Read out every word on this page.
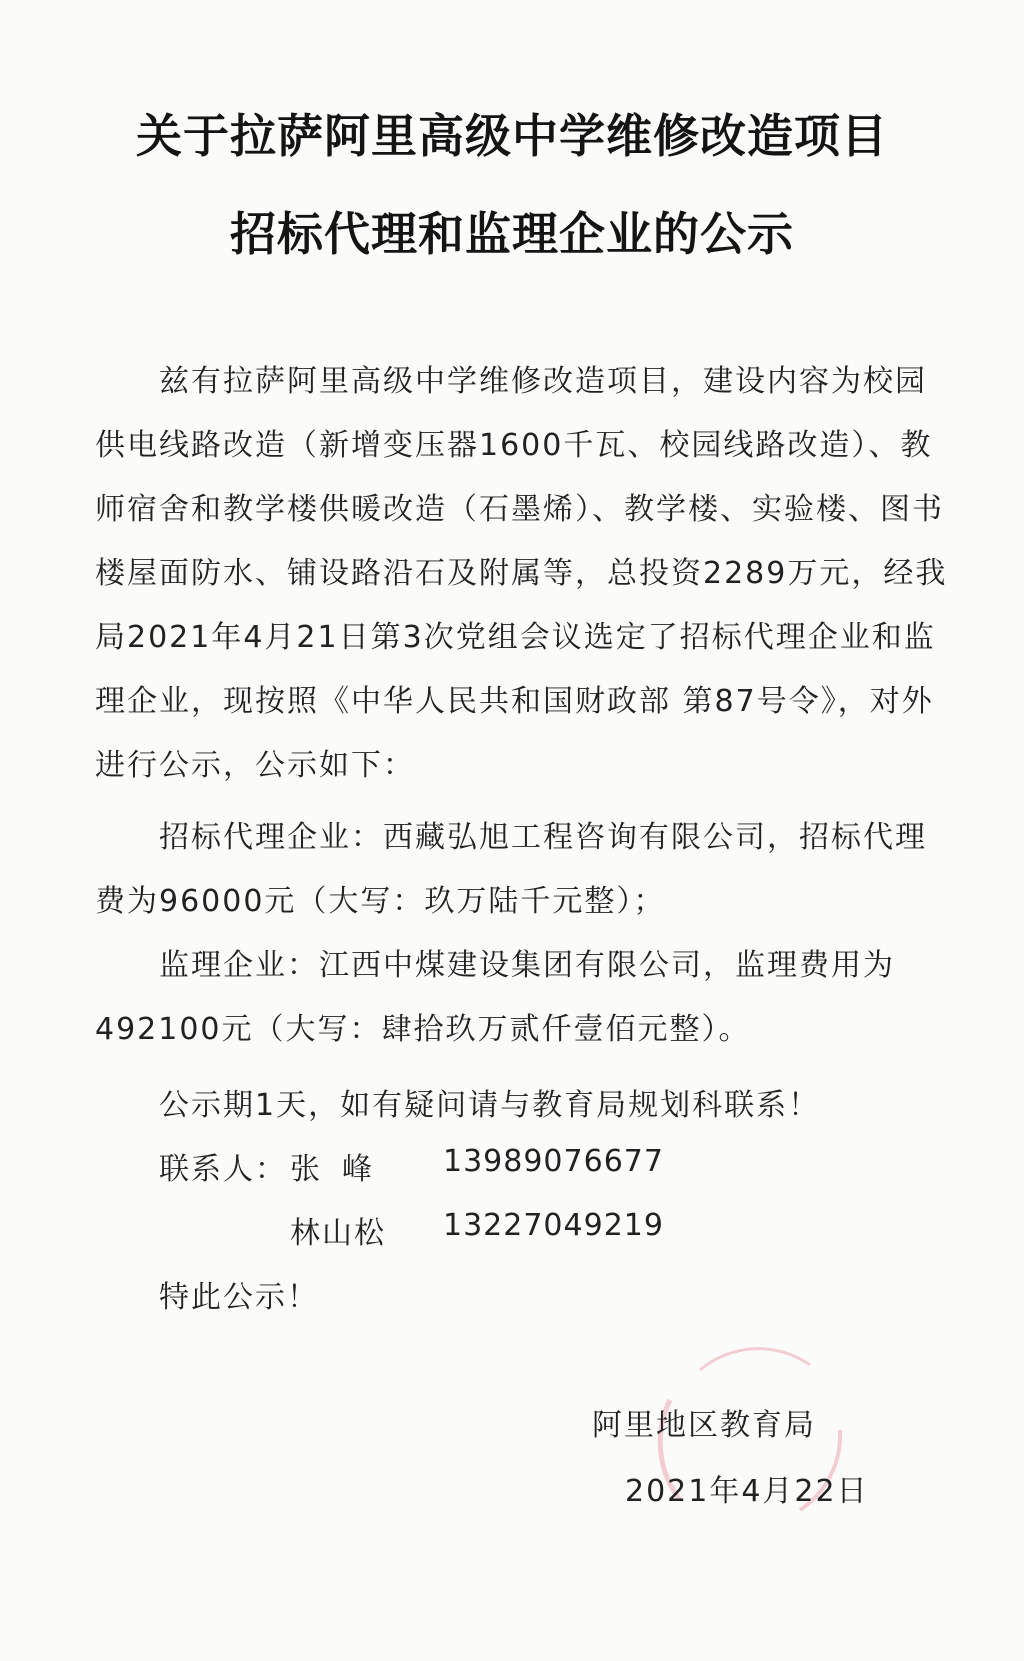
关于拉萨阿里高级中学维修改造项目
招标代理和监理企业的公示
兹有拉萨阿里高级中学维修改造项目，建设内容为校园供电线路改造（新增变压器1600千瓦、校园线路改造）、教师宿舍和教学楼供暖改造（石墨烯）、教学楼、实验楼、图书楼屋面防水、铺设路沿石及附属等，总投资2289万元，经我局2021年4月21日第3次党组会议选定了招标代理企业和监理企业，现按照《中华人民共和国财政部 第87号令》，对外进行公示，公示如下：
招标代理企业：西藏弘旭工程咨询有限公司，招标代理费为96000元（大写：玖万陆千元整）；
监理企业：江西中煤建设集团有限公司，监理费用为492100元（大写：肆拾玖万贰仟壹佰元整）。
公示期1天，如有疑问请与教育局规划科联系！
联系人： 张峰 13989076677
林山松 13227049219
特此公示！
阿里地区教育局
2021年4月22日
